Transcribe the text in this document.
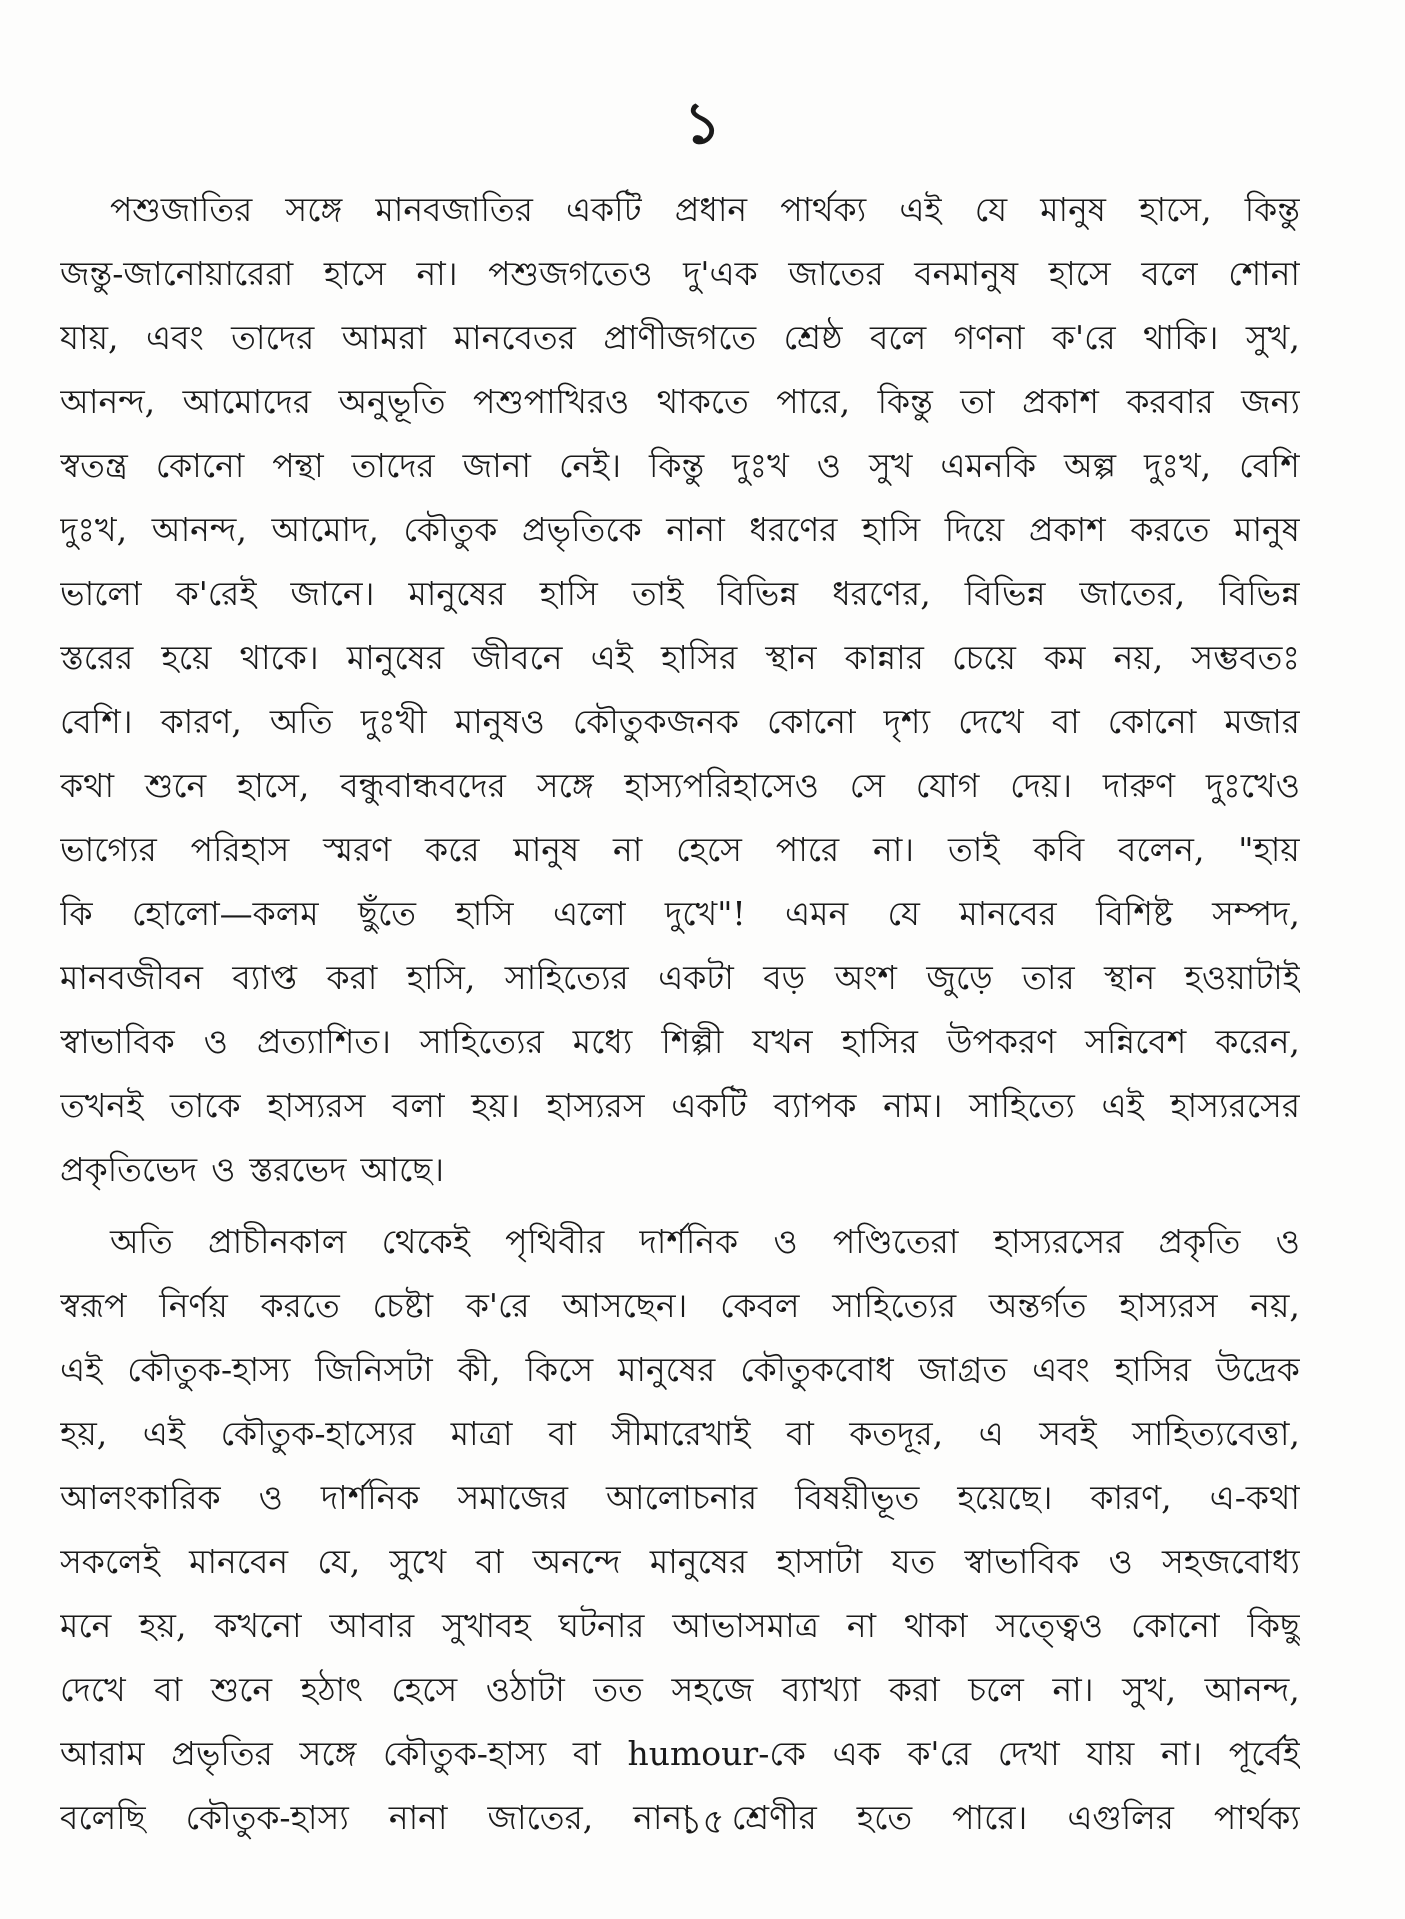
১
পশুজাতির সঙ্গে মানবজাতির একটি প্রধান পার্থক্য এই যে মানুষ হাসে, কিন্তু
জন্তু-জানোয়ারেরা হাসে না। পশুজগতেও দু'এক জাতের বনমানুষ হাসে বলে শোনা
যায়, এবং তাদের আমরা মানবেতর প্রাণীজগতে শ্রেষ্ঠ বলে গণনা ক'রে থাকি। সুখ,
আনন্দ, আমোদের অনুভূতি পশুপাখিরও থাকতে পারে, কিন্তু তা প্রকাশ করবার জন্য
স্বতন্ত্র কোনো পন্থা তাদের জানা নেই। কিন্তু দুঃখ ও সুখ এমনকি অল্প দুঃখ, বেশি
দুঃখ, আনন্দ, আমোদ, কৌতুক প্রভৃতিকে নানা ধরণের হাসি দিয়ে প্রকাশ করতে মানুষ
ভালো ক'রেই জানে। মানুষের হাসি তাই বিভিন্ন ধরণের, বিভিন্ন জাতের, বিভিন্ন
স্তরের হয়ে থাকে। মানুষের জীবনে এই হাসির স্থান কান্নার চেয়ে কম নয়, সম্ভবতঃ
বেশি। কারণ, অতি দুঃখী মানুষও কৌতুকজনক কোনো দৃশ্য দেখে বা কোনো মজার
কথা শুনে হাসে, বন্ধুবান্ধবদের সঙ্গে হাস্যপরিহাসেও সে যোগ দেয়। দারুণ দুঃখেও
ভাগ্যের পরিহাস স্মরণ করে মানুষ না হেসে পারে না। তাই কবি বলেন, "হায়
কি হোলো—কলম ছুঁতে হাসি এলো দুখে"! এমন যে মানবের বিশিষ্ট সম্পদ,
মানবজীবন ব্যাপ্ত করা হাসি, সাহিত্যের একটা বড় অংশ জুড়ে তার স্থান হওয়াটাই
স্বাভাবিক ও প্রত্যাশিত। সাহিত্যের মধ্যে শিল্পী যখন হাসির উপকরণ সন্নিবেশ করেন,
তখনই তাকে হাস্যরস বলা হয়। হাস্যরস একটি ব্যাপক নাম। সাহিত্যে এই হাস্যরসের
প্রকৃতিভেদ ও স্তরভেদ আছে।
অতি প্রাচীনকাল থেকেই পৃথিবীর দার্শনিক ও পণ্ডিতেরা হাস্যরসের প্রকৃতি ও
স্বরূপ নির্ণয় করতে চেষ্টা ক'রে আসছেন। কেবল সাহিত্যের অন্তর্গত হাস্যরস নয়,
এই কৌতুক-হাস্য জিনিসটা কী, কিসে মানুষের কৌতুকবোধ জাগ্রত এবং হাসির উদ্রেক
হয়, এই কৌতুক-হাস্যের মাত্রা বা সীমারেখাই বা কতদূর, এ সবই সাহিত্যবেত্তা,
আলংকারিক ও দার্শনিক সমাজের আলোচনার বিষয়ীভূত হয়েছে। কারণ, এ-কথা
সকলেই মানবেন যে, সুখে বা অনন্দে মানুষের হাসাটা যত স্বাভাবিক ও সহজবোধ্য
মনে হয়, কখনো আবার সুখাবহ ঘটনার আভাসমাত্র না থাকা সত্ত্বেও কোনো কিছু
দেখে বা শুনে হঠাৎ হেসে ওঠাটা তত সহজে ব্যাখ্যা করা চলে না। সুখ, আনন্দ,
আরাম প্রভৃতির সঙ্গে কৌতুক-হাস্য বা humour-কে এক ক'রে দেখা যায় না। পূর্বেই
বলেছি কৌতুক-হাস্য নানা জাতের, নানা শ্রেণীর হতে পারে। এগুলির পার্থক্য
১৫
